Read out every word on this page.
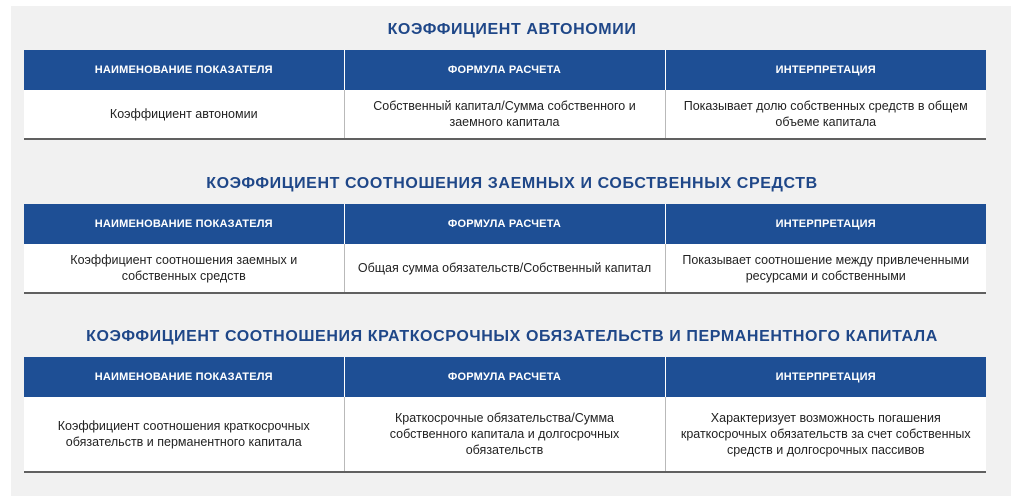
КОЭФФИЦИЕНТ АВТОНОМИИ
НАИМЕНОВАНИЕ ПОКАЗАТЕЛЯ	ФОРМУЛА РАСЧЕТА	ИНТЕРПРЕТАЦИЯ
Коэффициент автономии	Собственный капитал/Сумма собственного и заемного капитала	Показывает долю собственных средств в общем объеме капитала
КОЭФФИЦИЕНТ СООТНОШЕНИЯ ЗАЕМНЫХ И СОБСТВЕННЫХ СРЕДСТВ
НАИМЕНОВАНИЕ ПОКАЗАТЕЛЯ	ФОРМУЛА РАСЧЕТА	ИНТЕРПРЕТАЦИЯ
Коэффициент соотношения заемных и собственных средств	Общая сумма обязательств/Собственный капитал	Показывает соотношение между привлеченными ресурсами и собственными
КОЭФФИЦИЕНТ СООТНОШЕНИЯ КРАТКОСРОЧНЫХ ОБЯЗАТЕЛЬСТВ И ПЕРМАНЕНТНОГО КАПИТАЛА
НАИМЕНОВАНИЕ ПОКАЗАТЕЛЯ	ФОРМУЛА РАСЧЕТА	ИНТЕРПРЕТАЦИЯ
Коэффициент соотношения краткосрочных обязательств и перманентного капитала	Краткосрочные обязательства/Сумма собственного капитала и долгосрочных обязательств	Характеризует возможность погашения краткосрочных обязательств за счет собственных средств и долгосрочных пассивов
